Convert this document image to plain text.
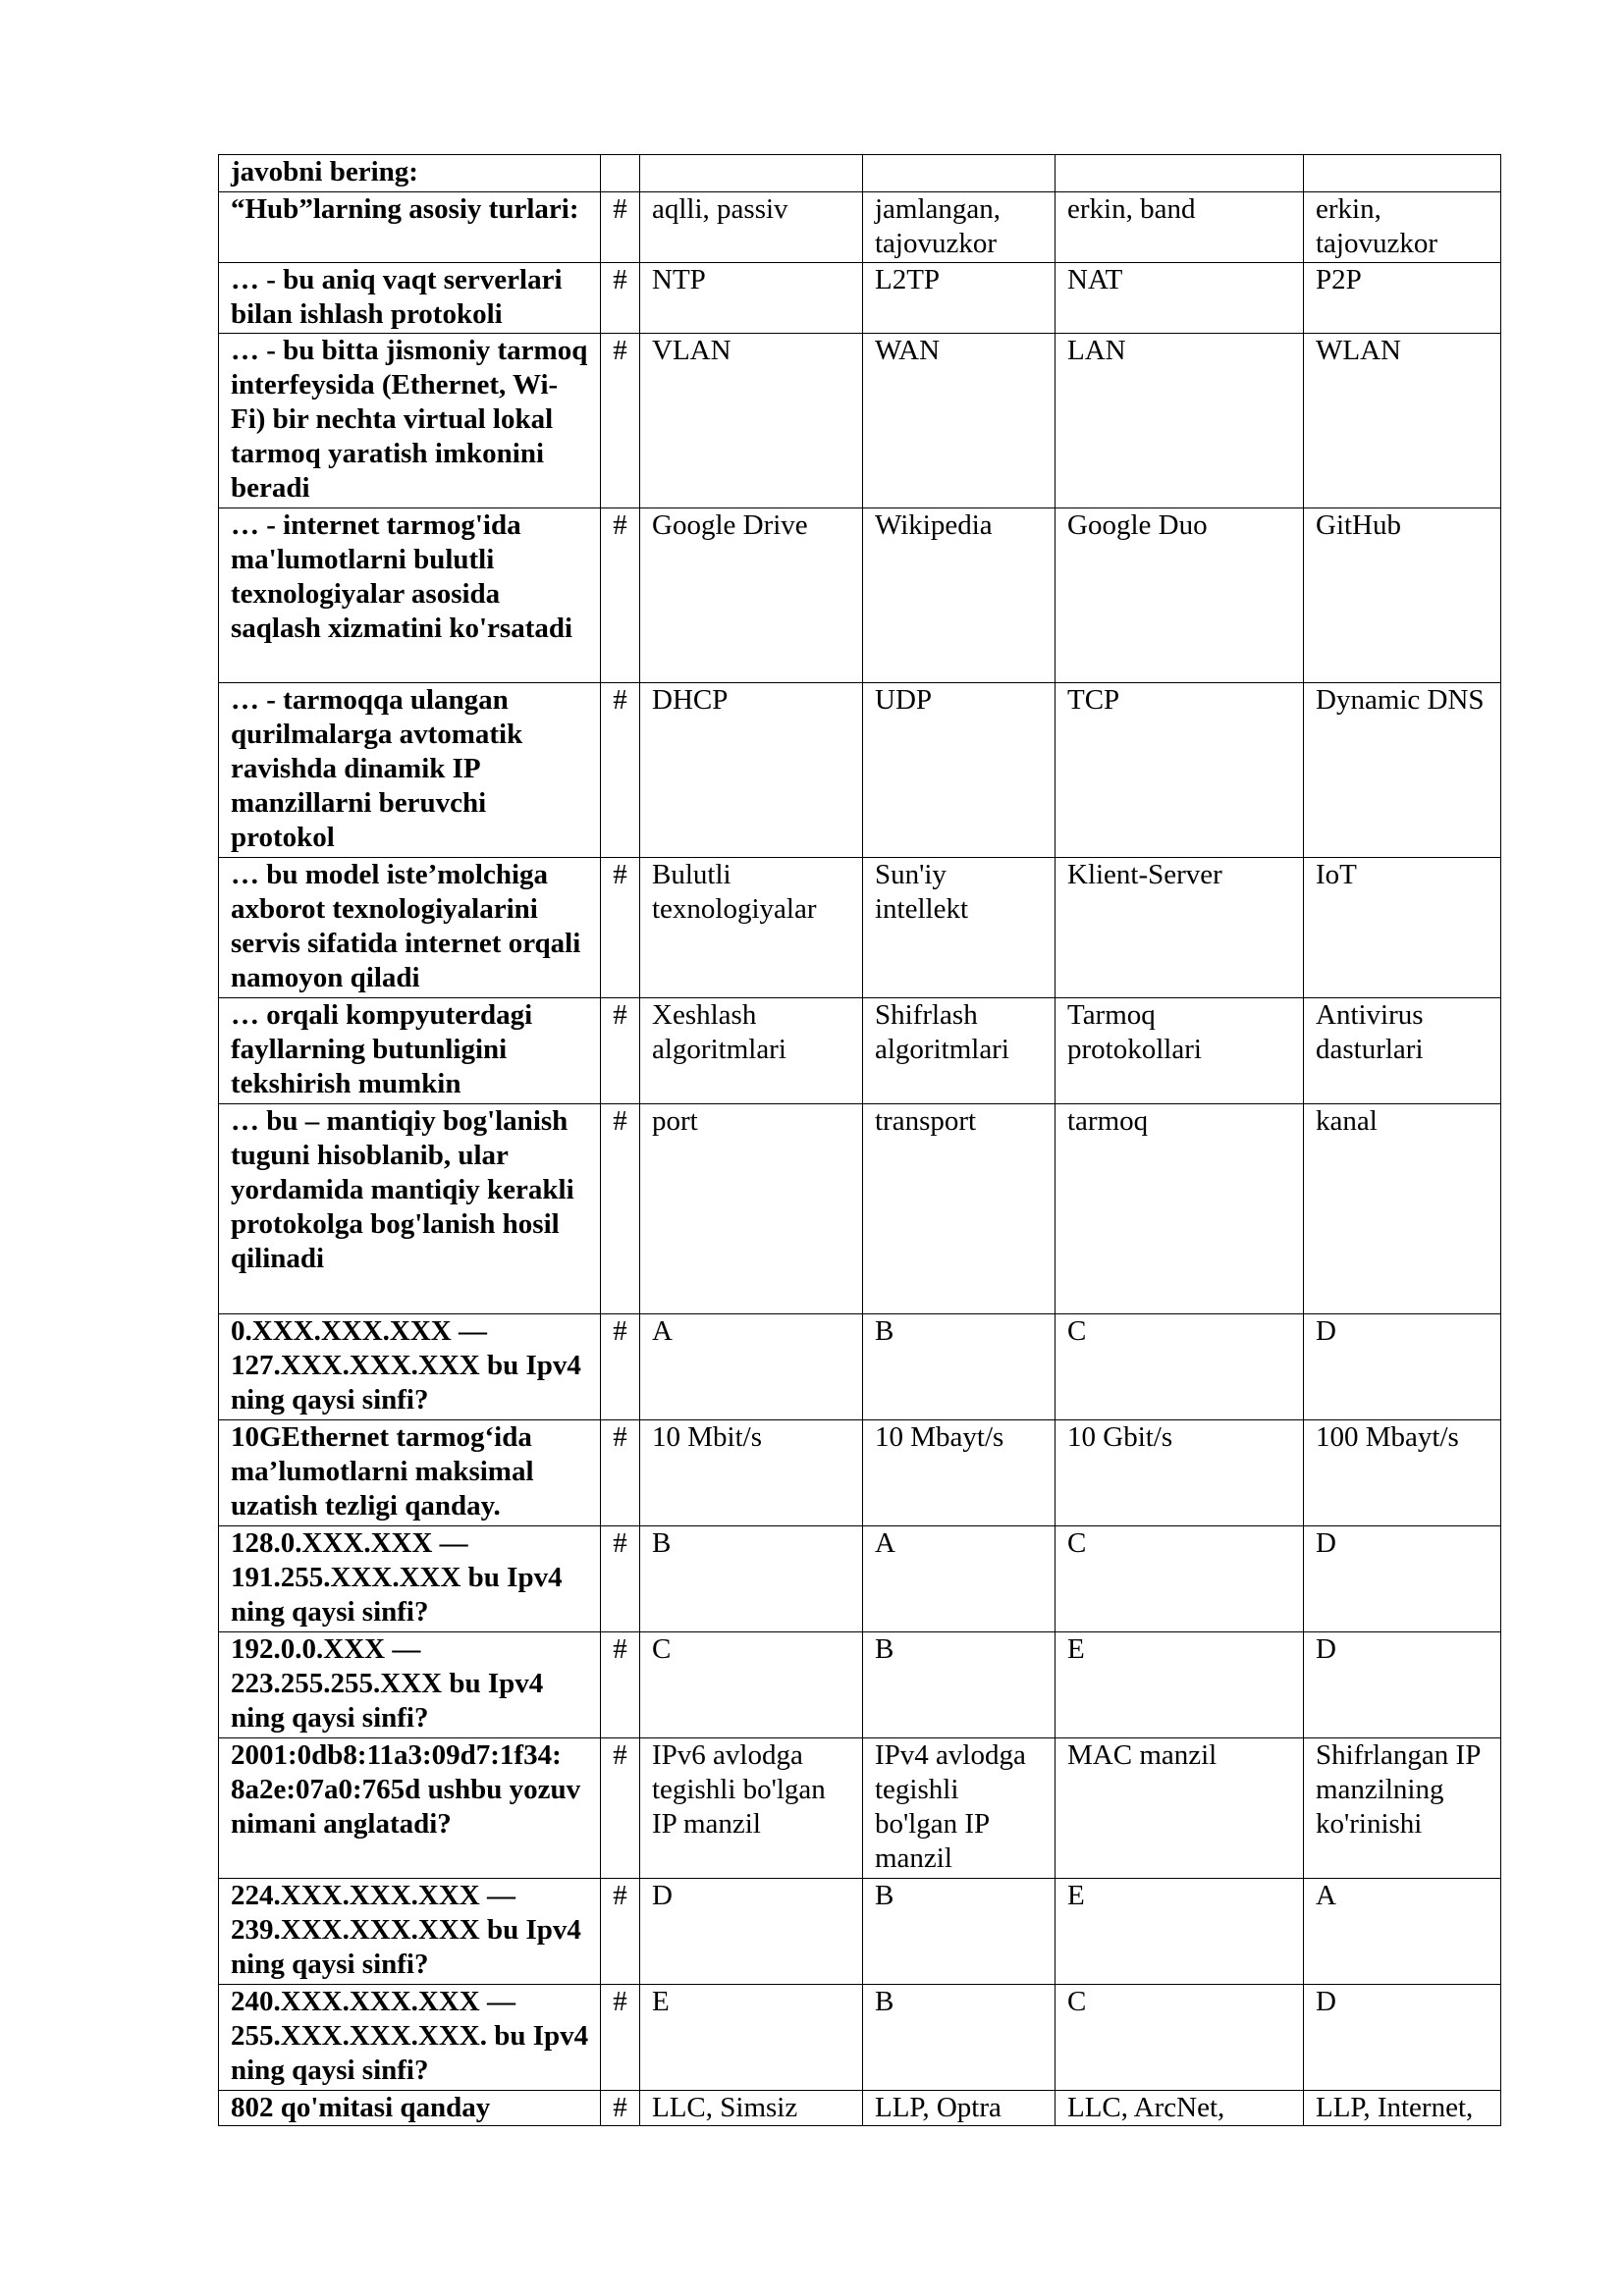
javobni bering:					
“Hub”larning asosiy turlari:	#	aqlli, passiv	jamlangan, tajovuzkor	erkin, band	erkin, tajovuzkor
… - bu aniq vaqt serverlari bilan ishlash protokoli	#	NTP	L2TP	NAT	P2P
… - bu bitta jismoniy tarmoq interfeysida (Ethernet, Wi-Fi) bir nechta virtual lokal tarmoq yaratish imkonini beradi	#	VLAN	WAN	LAN	WLAN
… - internet tarmog'ida ma'lumotlarni bulutli texnologiyalar asosida saqlash xizmatini ko'rsatadi	#	Google Drive	Wikipedia	Google Duo	GitHub
… - tarmoqqa ulangan qurilmalarga avtomatik ravishda dinamik IP manzillarni beruvchi protokol	#	DHCP	UDP	TCP	Dynamic DNS
… bu model iste’molchiga axborot texnologiyalarini servis sifatida internet orqali namoyon qiladi	#	Bulutli texnologiyalar	Sun'iy intellekt	Klient-Server	IoT
… orqali kompyuterdagi fayllarning butunligini tekshirish mumkin	#	Xeshlash algoritmlari	Shifrlash algoritmlari	Tarmoq protokollari	Antivirus dasturlari
… bu – mantiqiy bog'lanish tuguni hisoblanib, ular yordamida mantiqiy kerakli protokolga bog'lanish hosil qilinadi	#	port	transport	tarmoq	kanal
0.XXX.XXX.XXX — 127.XXX.XXX.XXX bu Ipv4 ning qaysi sinfi?	#	A	B	C	D
10GEthernet tarmog‘ida ma’lumotlarni maksimal uzatish tezligi qanday.	#	10 Mbit/s	10 Mbayt/s	10 Gbit/s	100 Mbayt/s
128.0.XXX.XXX — 191.255.XXX.XXX bu Ipv4 ning qaysi sinfi?	#	B	A	C	D
192.0.0.XXX — 223.255.255.XXX bu Ipv4 ning qaysi sinfi?	#	C	B	E	D
2001:0db8:11a3:09d7:1f34: 8a2e:07a0:765d ushbu yozuv nimani anglatadi?	#	IPv6 avlodga tegishli bo'lgan IP manzil	IPv4 avlodga tegishli bo'lgan IP manzil	MAC manzil	Shifrlangan IP manzilning ko'rinishi
224.XXX.XXX.XXX — 239.XXX.XXX.XXX bu Ipv4 ning qaysi sinfi?	#	D	B	E	A
240.XXX.XXX.XXX — 255.XXX.XXX.XXX. bu Ipv4 ning qaysi sinfi?	#	E	B	C	D
802 qo'mitasi qanday	#	LLC, Simsiz	LLP, Optra	LLC, ArcNet,	LLP, Internet,
